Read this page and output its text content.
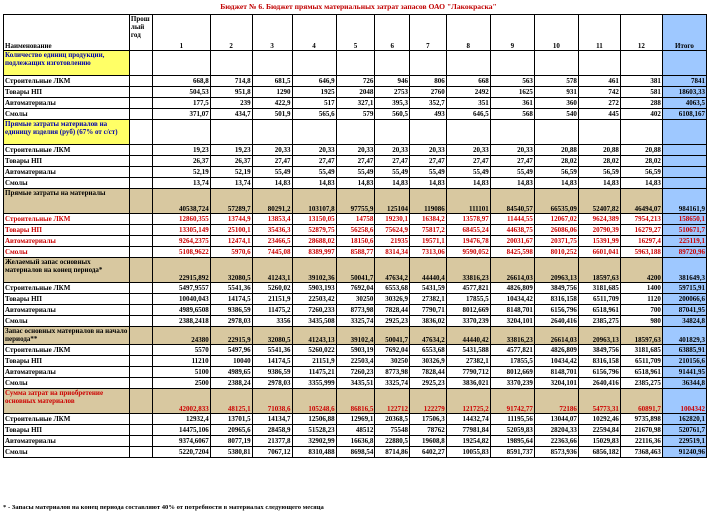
Бюджет № 6. Бюджет прямых материальных затрат запасов ОАО "Лакокраска"
Наименование	Прош лый год	1	2	3	4	5	6	7	8	9	10	11	12	Итого
Количество единиц продукции, подлежащих изготовлению														
Строительные ЛКМ		668,8	714,8	681,5	646,9	726	946	806	668	563	578	461	381	7841
Товары НП		504,53	951,8	1290	1925	2048	2753	2760	2492	1625	931	742	581	18603,33
Автоматериалы		177,5	239	422,9	517	327,1	395,3	352,7	351	361	360	272	288	4063,5
Смолы		371,07	434,7	501,9	565,6	579	560,5	493	646,5	568	540	445	402	6108,167
Прямые затраты материалов на единицу изделия (руб) (67% от с/ст)														
Строительные ЛКМ		19,23	19,23	20,33	20,33	20,33	20,33	20,33	20,33	20,33	20,88	20,88	20,88	
Товары НП		26,37	26,37	27,47	27,47	27,47	27,47	27,47	27,47	27,47	28,02	28,02	28,02	
Автоматериалы		52,19	52,19	55,49	55,49	55,49	55,49	55,49	55,49	55,49	56,59	56,59	56,59	
Смолы		13,74	13,74	14,83	14,83	14,83	14,83	14,83	14,83	14,83	14,83	14,83	14,83	
Прямые затраты на материалы		40538,724	57289,7	80291,2	103107,8	97755,9	125104	119086	111101	84540,57	66535,09	52407,82	46494,07	984161,9
Строительные ЛКМ		12860,355	13744,9	13853,4	13150,05	14758	19230,1	16384,2	13578,97	11444,55	12067,02	9624,389	7954,213	158650,1
Товары НП		13305,149	25100,1	35436,3	52879,75	56258,6	75624,9	75817,2	68455,24	44638,75	26086,06	20790,39	16279,27	510671,7
Автоматериалы		9264,2375	12474,1	23466,5	28688,02	18150,6	21935	19571,1	19476,78	20031,67	20371,75	15391,99	16297,4	225119,1
Смолы		5108,9622	5970,6	7445,08	8389,997	8588,77	8314,34	7313,06	9590,052	8425,598	8010,252	6601,041	5963,188	89720,96
Желаемый запас основных материалов на конец периода*		22915,892	32080,5	41243,1	39102,36	50041,7	47634,2	44440,4	33816,23	26614,03	20963,13	18597,63	4200	381649,3
Строительные ЛКМ		5497,9557	5541,36	5260,02	5903,193	7692,04	6553,68	5431,59	4577,821	4826,809	3849,756	3181,685	1400	59715,91
Товары НП		10040,043	14174,5	21151,9	22503,42	30250	30326,9	27382,1	17855,5	10434,42	8316,158	6511,709	1120	200066,6
Автоматериалы		4989,6508	9386,59	11475,2	7260,233	8773,98	7828,44	7790,71	8012,669	8148,701	6156,796	6518,961	700	87041,95
Смолы		2388,2418	2978,03	3356	3435,508	3325,74	2925,23	3836,02	3370,239	3204,101	2640,416	2385,275	980	34824,8
Запас основных материалов на начало периода**		24380	22915,9	32080,5	41243,13	39102,4	50041,7	47634,2	44440,42	33816,23	26614,03	20963,13	18597,63	401829,3
Строительные ЛКМ		5570	5497,96	5541,36	5260,022	5903,19	7692,04	6553,68	5431,588	4577,821	4826,809	3849,756	3181,685	63885,91
Товары НП		11210	10040	14174,5	21151,9	22503,4	30250	30326,9	27382,1	17855,5	10434,42	8316,158	6511,709	210156,6
Автоматериалы		5100	4989,65	9386,59	11475,21	7260,23	8773,98	7828,44	7790,712	8012,669	8148,701	6156,796	6518,961	91441,95
Смолы		2500	2388,24	2978,03	3355,999	3435,51	3325,74	2925,23	3836,021	3370,239	3204,101	2640,416	2385,275	36344,8
Сумма затрат на приобретение основных материалов		42002,833	48125,1	71038,6	105248,6	86816,5	122712	122279	121725,2	91742,77	72186	54773,31	60891,7	1004342
Строительные ЛКМ		12932,4	13701,5	14134,7	12506,88	12969,1	20368,5	17506,3	14432,74	11195,56	13044,07	10292,46	9735,898	162820,1
Товары НП		14475,106	20965,6	28458,9	51528,23	48512	75548	78762	77981,84	52059,83	28204,33	22594,84	21670,98	520761,7
Автоматериалы		9374,6067	8077,19	21377,8	32902,99	16636,8	22880,5	19608,8	19254,82	19895,64	22363,66	15029,83	22116,36	229519,1
Смолы		5220,7204	5380,81	7067,12	8310,488	8698,54	8714,86	6402,27	10055,83	8591,737	8573,936	6856,182	7368,463	91240,96
* - Запасы материалов на конец периода составляют 40% от потребности в материалах следующего месяца
